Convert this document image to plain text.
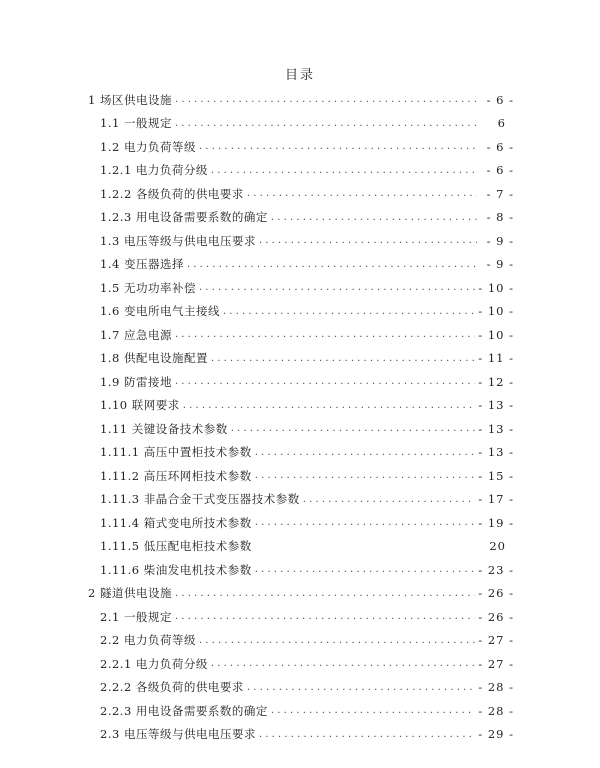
目录
1 场区供电设施 . . .	- 6 -
1.1 一般规定 . . .	6
1.2 电力负荷等级 . . .	- 6 -
1.2.1 电力负荷分级 . . .	- 6 -
1.2.2 各级负荷的供电要求 . . .	- 7 -
1.2.3 用电设备需要系数的确定 . . .	- 8 -
1.3 电压等级与供电电压要求 . . .	- 9 -
1.4 变压器选择 . . .	- 9 -
1.5 无功功率补偿 . . .	- 10 -
1.6 变电所电气主接线 . . .	- 10 -
1.7 应急电源 . . .	- 10 -
1.8 供配电设施配置 . . .	- 11 -
1.9 防雷接地 . . .	- 12 -
1.10 联网要求 . . .	- 13 -
1.11 关键设备技术参数 . . .	- 13 -
1.11.1 高压中置柜技术参数 . . .	- 13 -
1.11.2 高压环网柜技术参数 . . .	- 15 -
1.11.3 非晶合金干式变压器技术参数 . . .	- 17 -
1.11.4 箱式变电所技术参数 . . .	- 19 -
1.11.5 低压配电柜技术参数	20
1.11.6 柴油发电机技术参数 . . .	- 23 -
2 隧道供电设施 . . .	- 26 -
2.1 一般规定 . . .	- 26 -
2.2 电力负荷等级 . . .	- 27 -
2.2.1 电力负荷分级 . . .	- 27 -
2.2.2 各级负荷的供电要求 . . .	- 28 -
2.2.3 用电设备需要系数的确定 . . .	- 28 -
2.3 电压等级与供电电压要求 . . .	- 29 -
